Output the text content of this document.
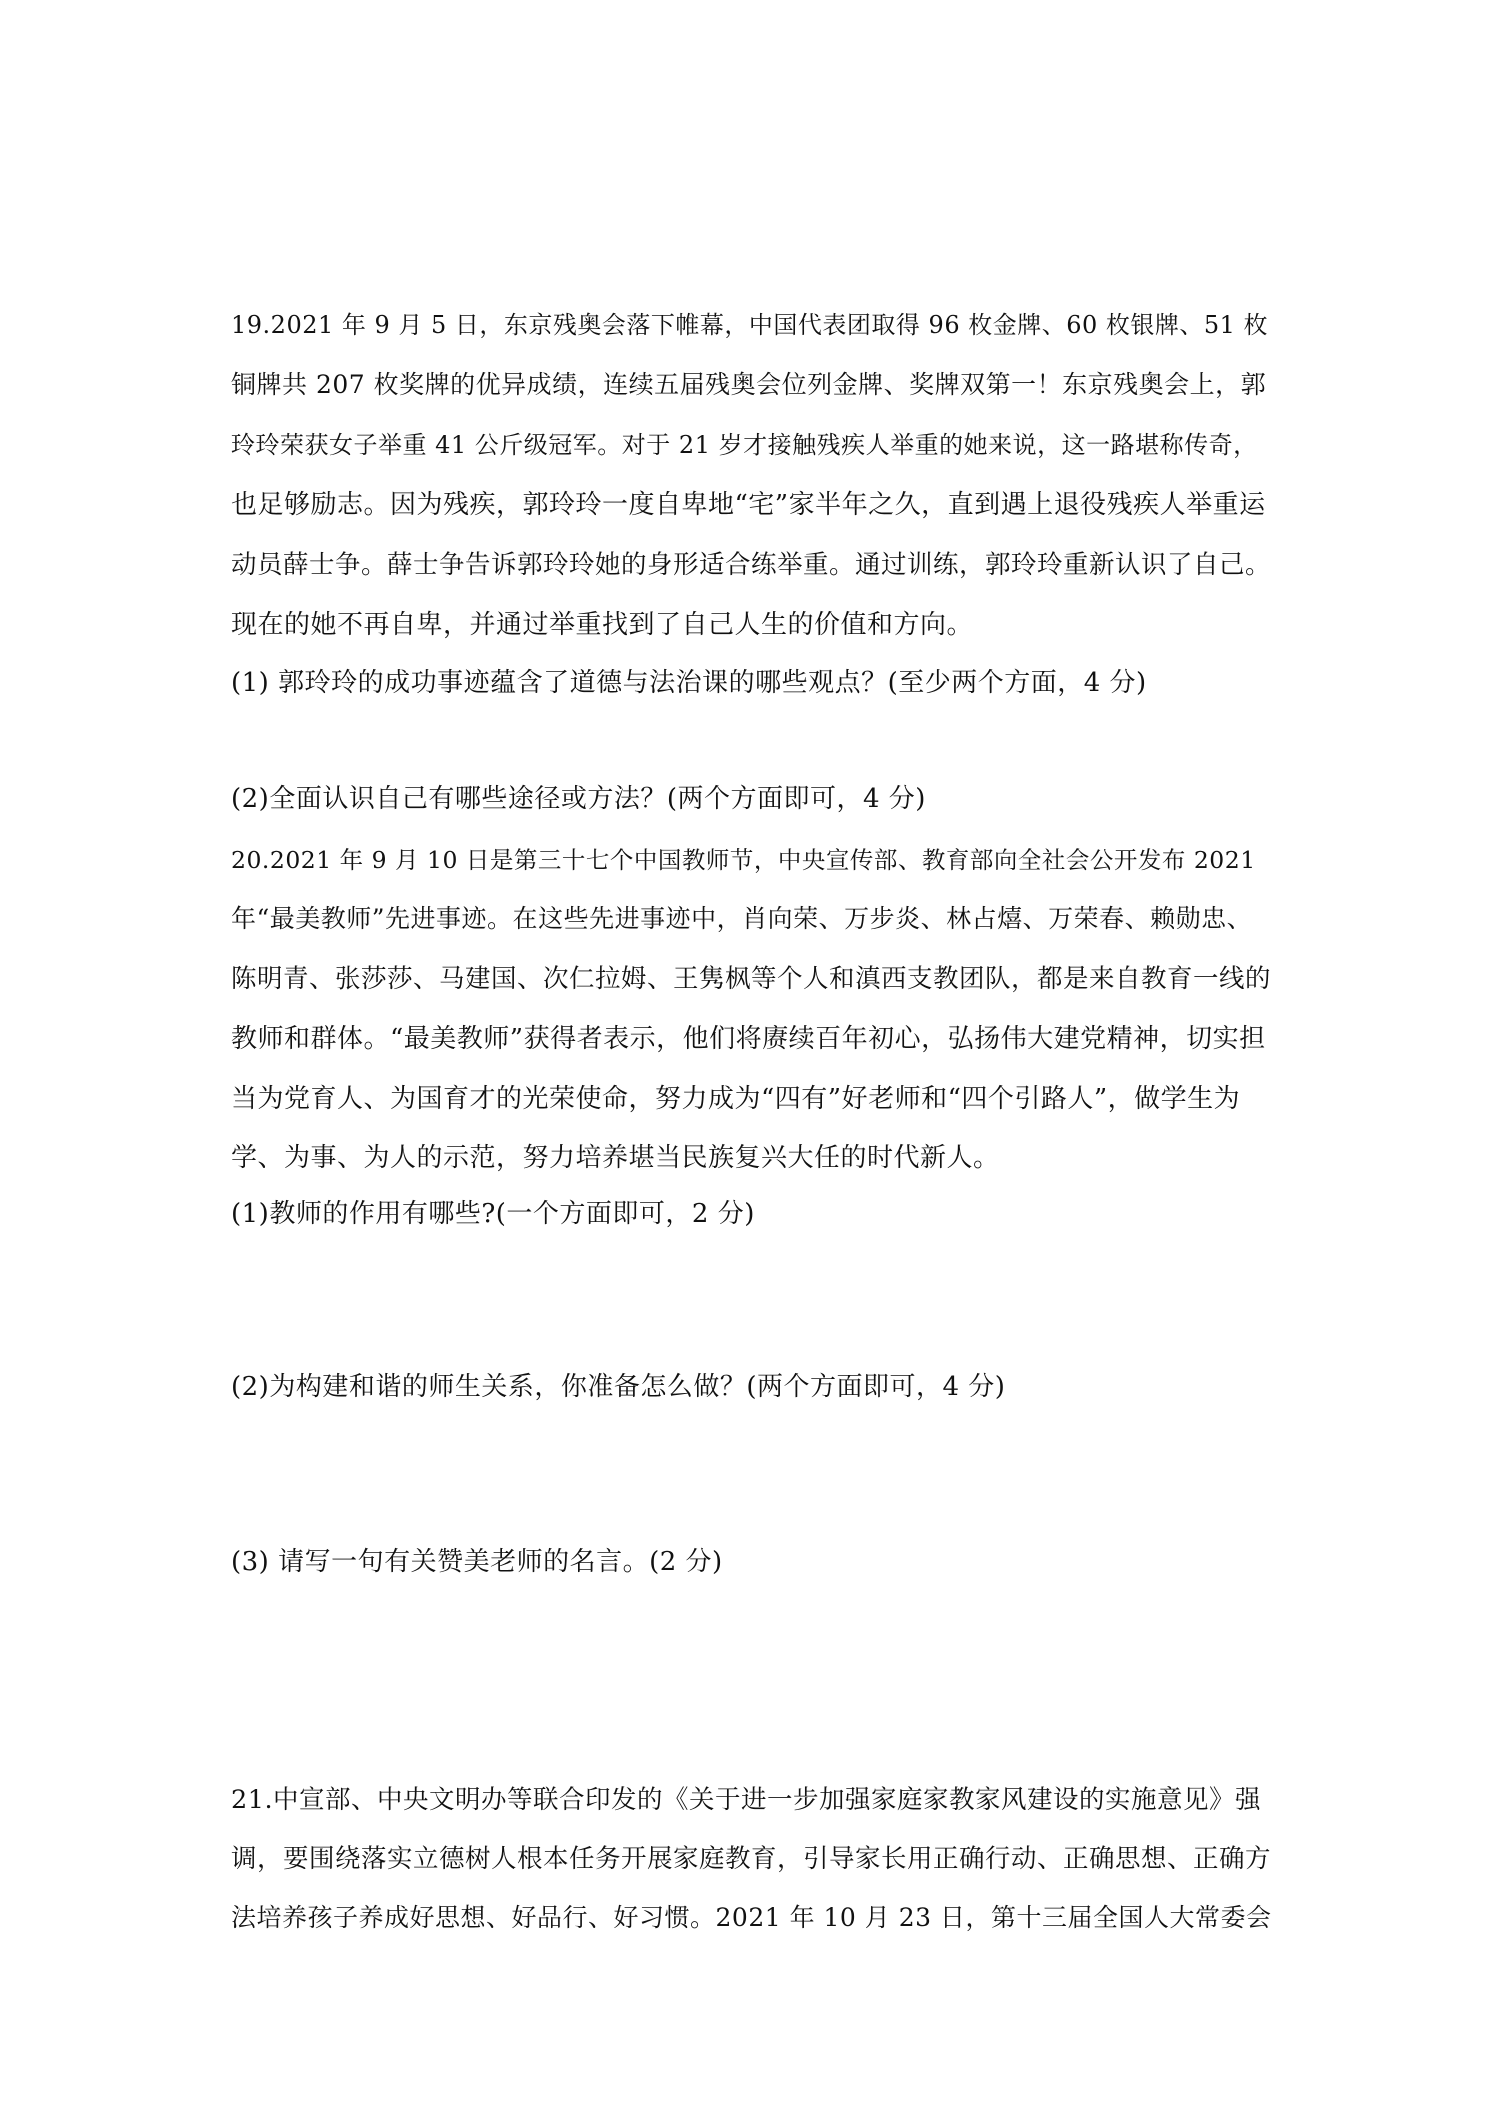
19.2021 年 9 月 5 日，东京残奥会落下帷幕，中国代表团取得 96 枚金牌、60 枚银牌、51 枚
铜牌共 207 枚奖牌的优异成绩，连续五届残奥会位列金牌、奖牌双第一！东京残奥会上，郭
玲玲荣获女子举重 41 公斤级冠军。对于 21 岁才接触残疾人举重的她来说，这一路堪称传奇，
也足够励志。因为残疾，郭玲玲一度自卑地“宅”家半年之久，直到遇上退役残疾人举重运
动员薛士争。薛士争告诉郭玲玲她的身形适合练举重。通过训练，郭玲玲重新认识了自己。
现在的她不再自卑，并通过举重找到了自己人生的价值和方向。
(1) 郭玲玲的成功事迹蕴含了道德与法治课的哪些观点？(至少两个方面，4 分)
(2)全面认识自己有哪些途径或方法？(两个方面即可，4 分)
20.2021 年 9 月 10 日是第三十七个中国教师节，中央宣传部、教育部向全社会公开发布 2021
年“最美教师”先进事迹。在这些先进事迹中，肖向荣、万步炎、林占熺、万荣春、赖勋忠、
陈明青、张莎莎、马建国、次仁拉姆、王隽枫等个人和滇西支教团队，都是来自教育一线的
教师和群体。“最美教师”获得者表示，他们将赓续百年初心，弘扬伟大建党精神，切实担
当为党育人、为国育才的光荣使命，努力成为“四有”好老师和“四个引路人”，做学生为
学、为事、为人的示范，努力培养堪当民族复兴大任的时代新人。
(1)教师的作用有哪些?(一个方面即可，2 分)
(2)为构建和谐的师生关系，你准备怎么做？(两个方面即可，4 分)
(3) 请写一句有关赞美老师的名言。(2 分)
21.中宣部、中央文明办等联合印发的《关于进一步加强家庭家教家风建设的实施意见》强
调，要围绕落实立德树人根本任务开展家庭教育，引导家长用正确行动、正确思想、正确方
法培养孩子养成好思想、好品行、好习惯。2021 年 10 月 23 日，第十三届全国人大常委会
